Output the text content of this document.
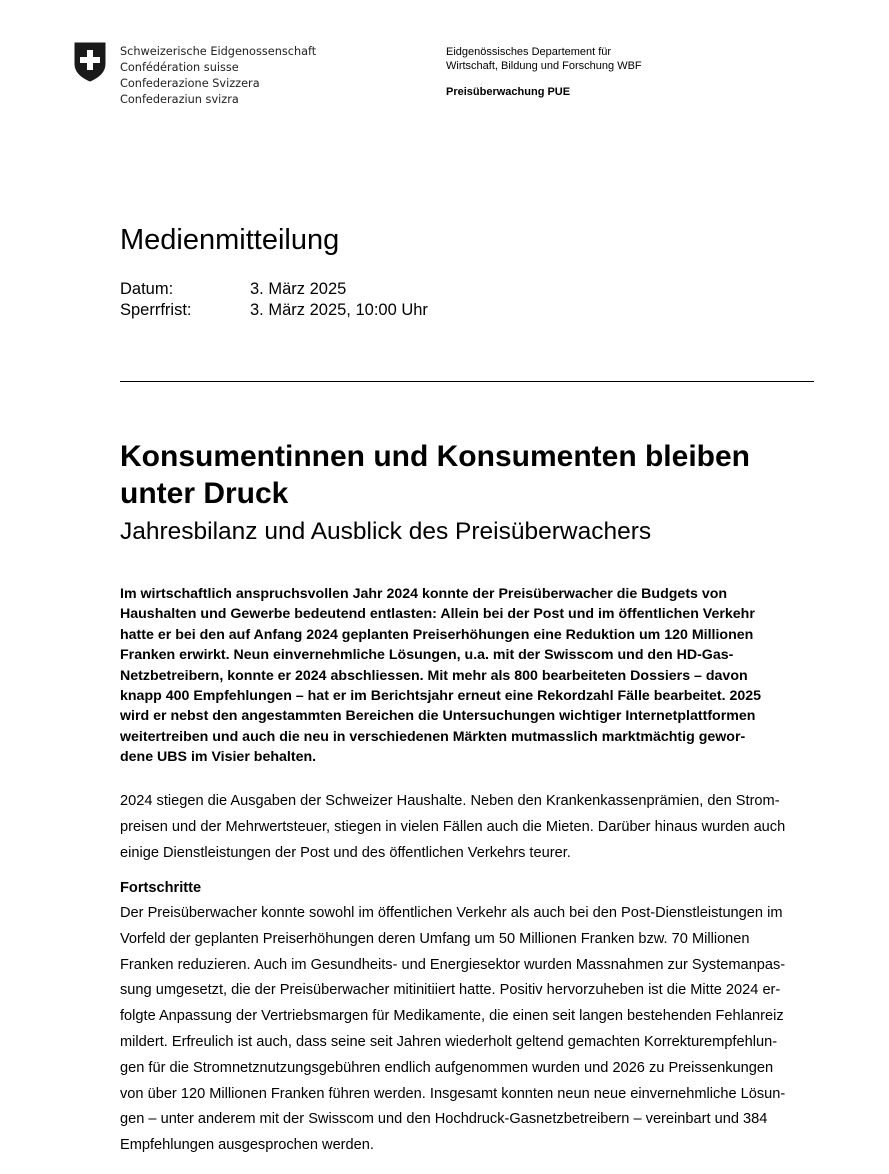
Schweizerische Eidgenossenschaft
Confédération suisse
Confederazione Svizzera
Confederaziun svizra
Eidgenössisches Departement für
Wirtschaft, Bildung und Forschung WBF
Preisüberwachung PUE
Medienmitteilung
Datum:	3. März 2025
Sperrfrist:	3. März 2025, 10:00 Uhr
Konsumentinnen und Konsumenten bleiben unter Druck
Jahresbilanz und Ausblick des Preisüberwachers
Im wirtschaftlich anspruchsvollen Jahr 2024 konnte der Preisüberwacher die Budgets von
Haushalten und Gewerbe bedeutend entlasten: Allein bei der Post und im öffentlichen Verkehr
hatte er bei den auf Anfang 2024 geplanten Preiserhöhungen eine Reduktion um 120 Millionen
Franken erwirkt. Neun einvernehmliche Lösungen, u.a. mit der Swisscom und den HD-Gas-
Netzbetreibern, konnte er 2024 abschliessen. Mit mehr als 800 bearbeiteten Dossiers – davon
knapp 400 Empfehlungen – hat er im Berichtsjahr erneut eine Rekordzahl Fälle bearbeitet. 2025
wird er nebst den angestammten Bereichen die Untersuchungen wichtiger Internetplattformen
weitertreiben und auch die neu in verschiedenen Märkten mutmasslich marktmächtig gewor-
dene UBS im Visier behalten.
2024 stiegen die Ausgaben der Schweizer Haushalte. Neben den Krankenkassenprämien, den Strom-
preisen und der Mehrwertsteuer, stiegen in vielen Fällen auch die Mieten. Darüber hinaus wurden auch
einige Dienstleistungen der Post und des öffentlichen Verkehrs teurer.
Fortschritte
Der Preisüberwacher konnte sowohl im öffentlichen Verkehr als auch bei den Post-Dienstleistungen im
Vorfeld der geplanten Preiserhöhungen deren Umfang um 50 Millionen Franken bzw. 70 Millionen
Franken reduzieren. Auch im Gesundheits- und Energiesektor wurden Massnahmen zur Systemanpas-
sung umgesetzt, die der Preisüberwacher mitinitiiert hatte. Positiv hervorzuheben ist die Mitte 2024 er-
folgte Anpassung der Vertriebsmargen für Medikamente, die einen seit langen bestehenden Fehlanreiz
mildert. Erfreulich ist auch, dass seine seit Jahren wiederholt geltend gemachten Korrekturempfehlun-
gen für die Stromnetznutzungsgebühren endlich aufgenommen wurden und 2026 zu Preissenkungen
von über 120 Millionen Franken führen werden. Insgesamt konnten neun neue einvernehmliche Lösun-
gen – unter anderem mit der Swisscom und den Hochdruck-Gasnetzbetreibern – vereinbart und 384
Empfehlungen ausgesprochen werden.
